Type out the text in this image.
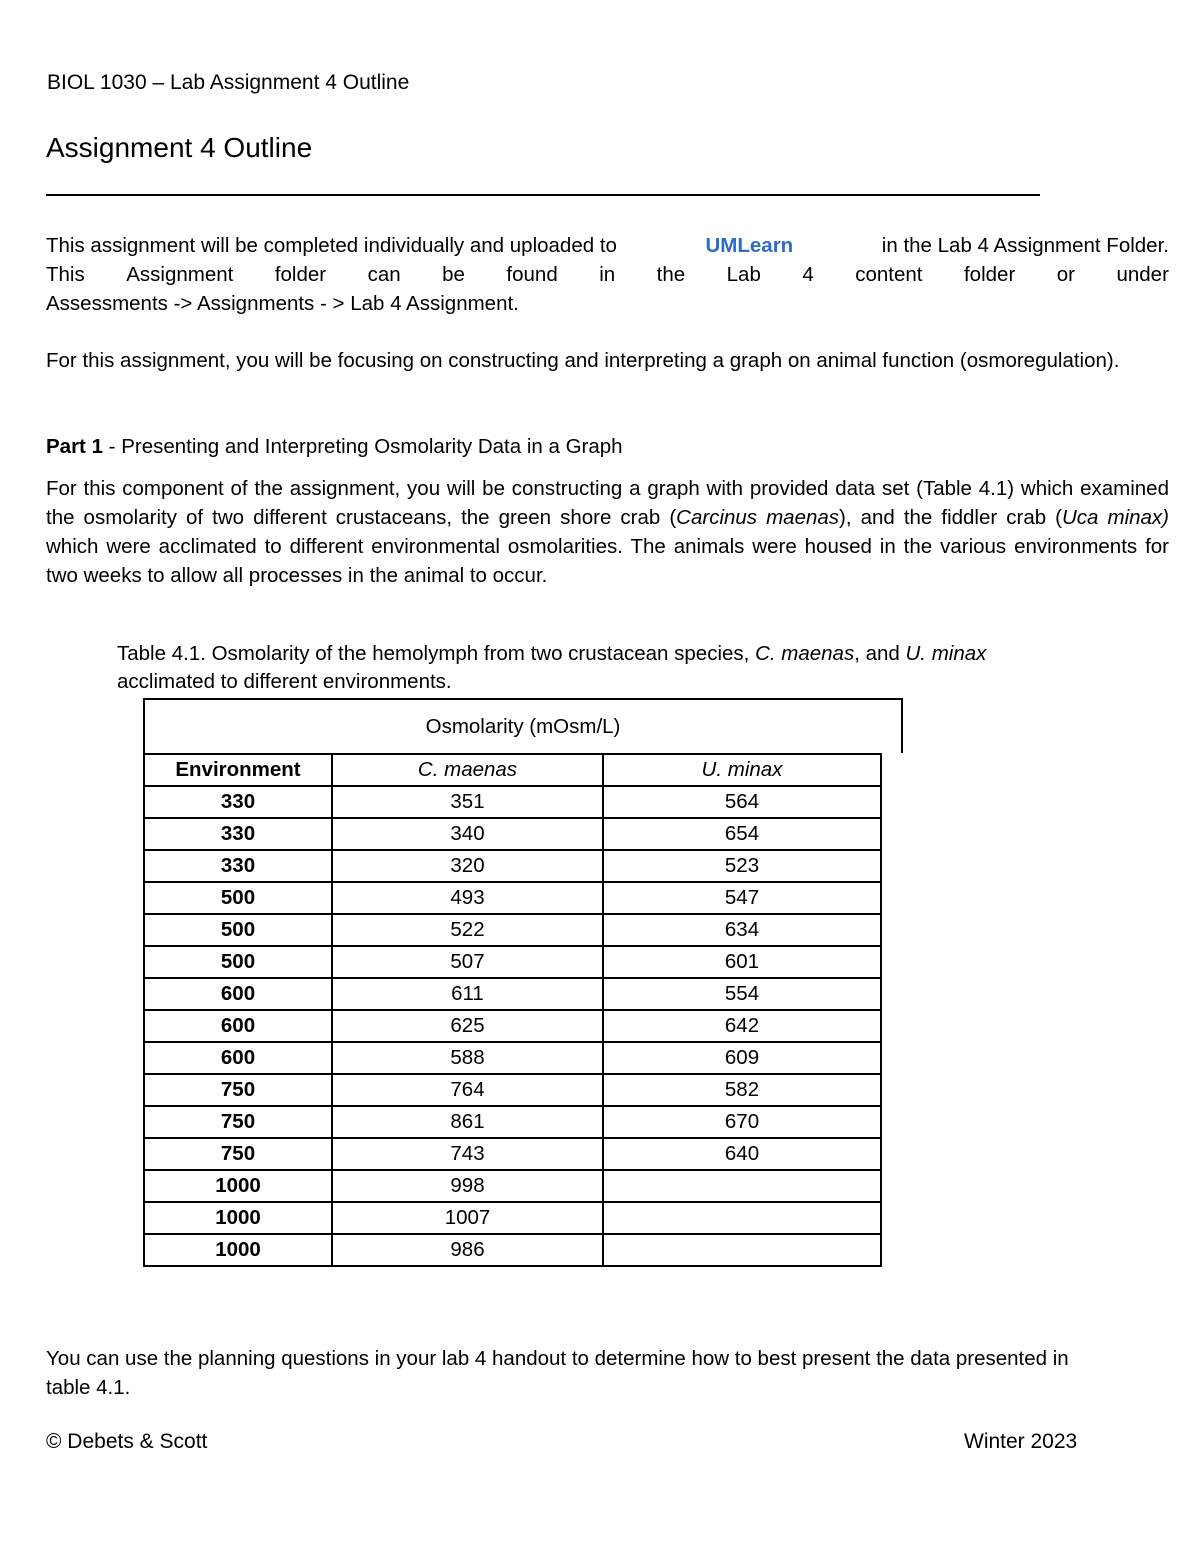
BIOL 1030 – Lab Assignment 4 Outline
Assignment 4 Outline
This assignment will be completed individually and uploaded to	UMLearn	in the Lab 4 Assignment Folder.
This Assignment folder can be found in the Lab 4 content folder or under
Assessments -> Assignments - > Lab 4 Assignment.
For this assignment, you will be focusing on constructing and interpreting a graph on animal function (osmoregulation).
Part 1 - Presenting and Interpreting Osmolarity Data in a Graph
For this component of the assignment, you will be constructing a graph with provided data set (Table 4.1) which examined the osmolarity of two different crustaceans, the green shore crab (Carcinus maenas), and the fiddler crab (Uca minax) which were acclimated to different environmental osmolarities. The animals were housed in the various environments for two weeks to allow all processes in the animal to occur.
Table 4.1. Osmolarity of the hemolymph from two crustacean species, C. maenas, and U. minax
acclimated to different environments.
Osmolarity (mOsm/L)
Environment	C. maenas	U. minax
330	351	564
330	340	654
330	320	523
500	493	547
500	522	634
500	507	601
600	611	554
600	625	642
600	588	609
750	764	582
750	861	670
750	743	640
1000	998	
1000	1007	
1000	986	
You can use the planning questions in your lab 4 handout to determine how to best present the data presented in table 4.1.
© Debets & Scott	Winter 2023
